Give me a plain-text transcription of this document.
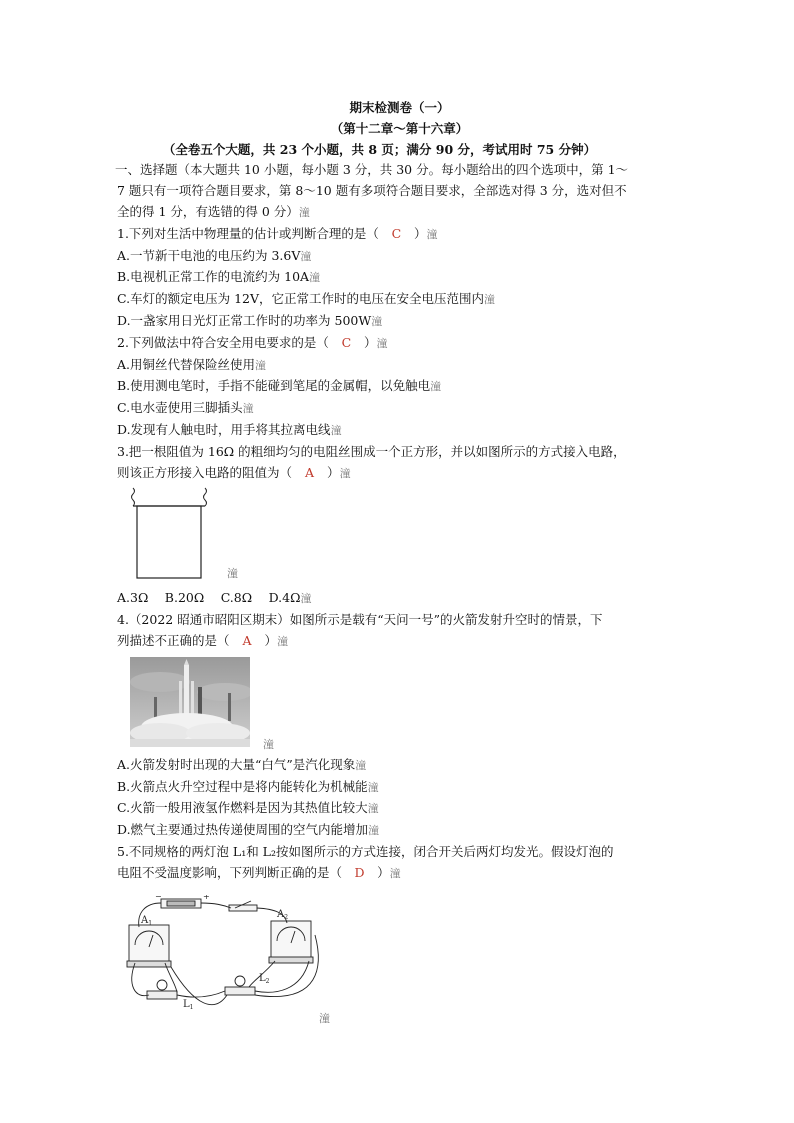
期末检测卷（一）
（第十二章～第十六章）
（全卷五个大题，共 23 个小题，共 8 页；满分 90 分，考试用时 75 分钟）
一、选择题（本大题共 10 小题，每小题 3 分，共 30 分。每小题给出的四个选项中，第 1～
7 题只有一项符合题目要求，第 8～10 题有多项符合题目要求，全部选对得 3 分，选对但不
全的得 1 分，有选错的得 0 分）潼
1.下列对生活中物理量的估计或判断合理的是（　 C　 ）潼
A.一节新干电池的电压约为 3.6V潼
B.电视机正常工作的电流约为 10A潼
C.车灯的额定电压为 12V，它正常工作时的电压在安全电压范围内潼
D.一盏家用日光灯正常工作时的功率为 500W潼
2.下列做法中符合安全用电要求的是（　 C　 ）潼
A.用铜丝代替保险丝使用潼
B.使用测电笔时，手指不能碰到笔尾的金属帽，以免触电潼
C.电水壶使用三脚插头潼
D.发现有人触电时，用手将其拉离电线潼
3.把一根阻值为 16Ω 的粗细均匀的电阻丝围成一个正方形，并以如图所示的方式接入电路，
则该正方形接入电路的阻值为（　 A　 ）潼
潼
A.3Ω　 B.20Ω　 C.8Ω　 D.4Ω潼
4.（2022 昭通市昭阳区期末）如图所示是载有“天问一号”的火箭发射升空时的情景，下
列描述不正确的是（　 A　 ）潼
潼
A.火箭发射时出现的大量“白气”是汽化现象潼
B.火箭点火升空过程中是将内能转化为机械能潼
C.火箭一般用液氢作燃料是因为其热值比较大潼
D.燃气主要通过热传递使周围的空气内能增加潼
5.不同规格的两灯泡 L₁和 L₂按如图所示的方式连接，闭合开关后两灯均发光。假设灯泡的
电阻不受温度影响，下列判断正确的是（　 D　 ）潼
−	+
$A_1$
$A_2$
$L_1$
$L_2$
潼
